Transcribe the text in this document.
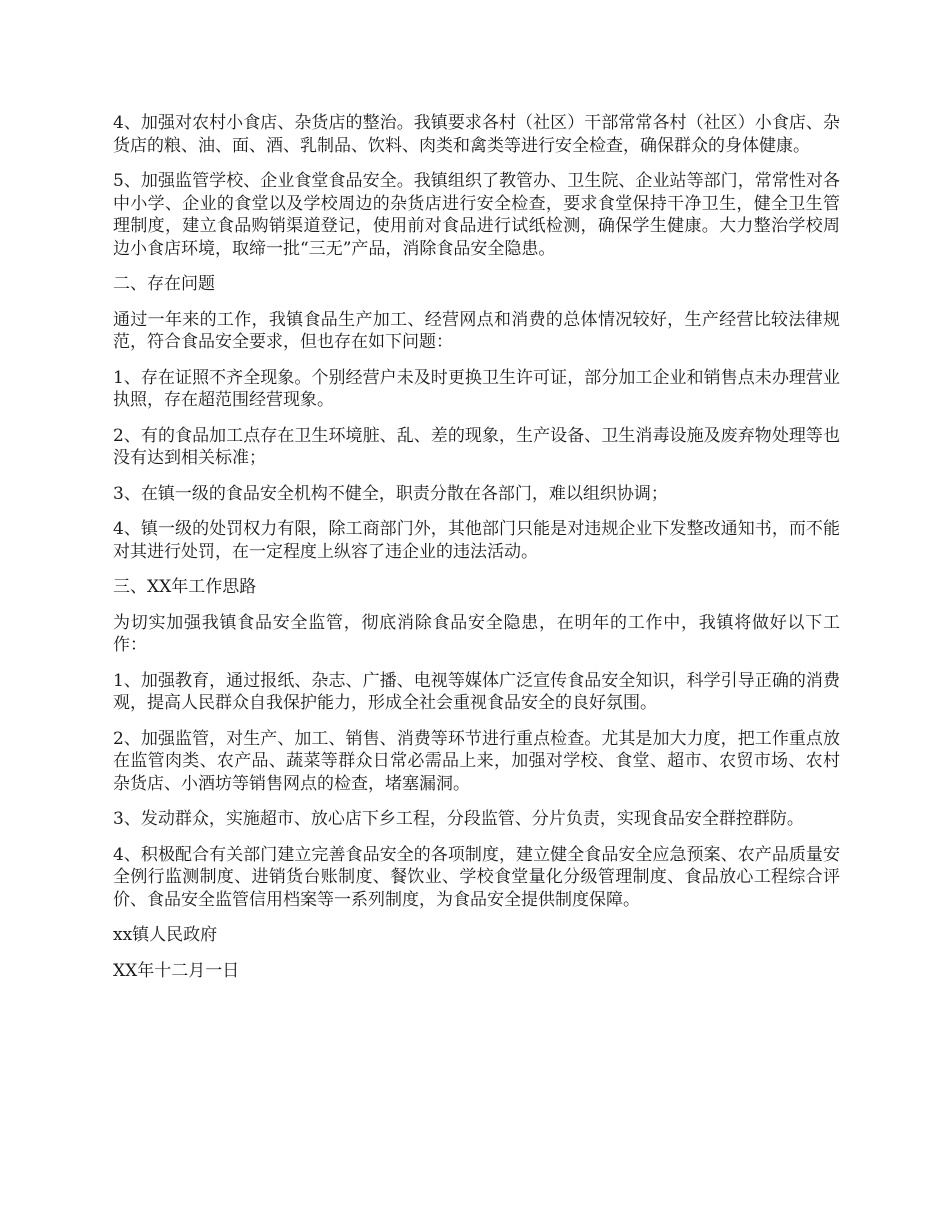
4、加强对农村小食店、杂货店的整治。我镇要求各村（社区）干部常常各村（社区）小食店、杂货店的粮、油、面、酒、乳制品、饮料、肉类和禽类等进行安全检查，确保群众的身体健康。

5、加强监管学校、企业食堂食品安全。我镇组织了教管办、卫生院、企业站等部门，常常性对各中小学、企业的食堂以及学校周边的杂货店进行安全检查，要求食堂保持干净卫生，健全卫生管理制度，建立食品购销渠道登记，使用前对食品进行试纸检测，确保学生健康。大力整治学校周边小食店环境，取缔一批“三无”产品，消除食品安全隐患。

二、存在问题

通过一年来的工作，我镇食品生产加工、经营网点和消费的总体情况较好，生产经营比较法律规范，符合食品安全要求，但也存在如下问题：

1、存在证照不齐全现象。个别经营户未及时更换卫生许可证，部分加工企业和销售点未办理营业执照，存在超范围经营现象。

2、有的食品加工点存在卫生环境脏、乱、差的现象，生产设备、卫生消毒设施及废弃物处理等也没有达到相关标准；

3、在镇一级的食品安全机构不健全，职责分散在各部门，难以组织协调；

4、镇一级的处罚权力有限，除工商部门外，其他部门只能是对违规企业下发整改通知书，而不能对其进行处罚，在一定程度上纵容了违企业的违法活动。

三、XX年工作思路

为切实加强我镇食品安全监管，彻底消除食品安全隐患，在明年的工作中，我镇将做好以下工作：

1、加强教育，通过报纸、杂志、广播、电视等媒体广泛宣传食品安全知识，科学引导正确的消费观，提高人民群众自我保护能力，形成全社会重视食品安全的良好氛围。

2、加强监管，对生产、加工、销售、消费等环节进行重点检查。尤其是加大力度，把工作重点放在监管肉类、农产品、蔬菜等群众日常必需品上来，加强对学校、食堂、超市、农贸市场、农村杂货店、小酒坊等销售网点的检查，堵塞漏洞。

3、发动群众，实施超市、放心店下乡工程，分段监管、分片负责，实现食品安全群控群防。

4、积极配合有关部门建立完善食品安全的各项制度，建立健全食品安全应急预案、农产品质量安全例行监测制度、进销货台账制度、餐饮业、学校食堂量化分级管理制度、食品放心工程综合评价、食品安全监管信用档案等一系列制度，为食品安全提供制度保障。

xx镇人民政府

XX年十二月一日
